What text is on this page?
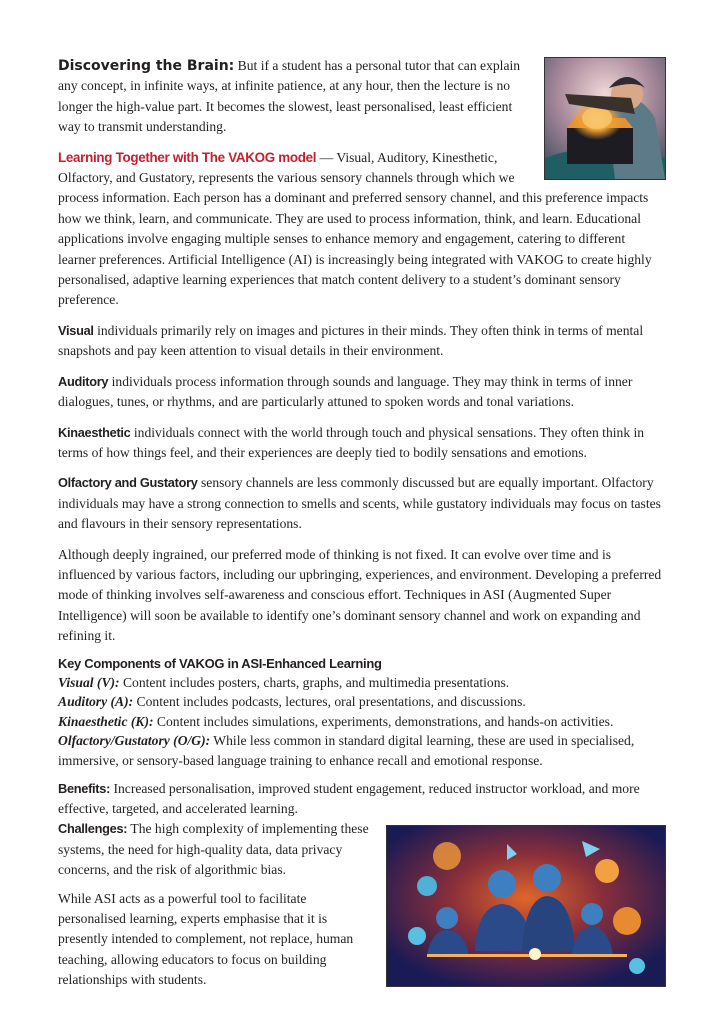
Discovering the Brain: But if a student has a personal tutor that can explain any concept, in infinite ways, at infinite patience, at any hour, then the lecture is no longer the high-value part. It becomes the slowest, least personalised, least efficient way to transmit understanding.

Learning Together with The VAKOG model — Visual, Auditory, Kinesthetic, Olfactory, and Gustatory, represents the various sensory channels through which we process information. Each person has a dominant and preferred sensory channel, and this preference impacts how we think, learn, and communicate. They are used to process information, think, and learn. Educational applications involve engaging multiple senses to enhance memory and engagement, catering to different learner preferences. Artificial Intelligence (AI) is increasingly being integrated with VAKOG to create highly personalised, adaptive learning experiences that match content delivery to a student’s dominant sensory preference.

Visual individuals primarily rely on images and pictures in their minds. They often think in terms of mental snapshots and pay keen attention to visual details in their environment.

Auditory individuals process information through sounds and language. They may think in terms of inner dialogues, tunes, or rhythms, and are particularly attuned to spoken words and tonal variations.

Kinaesthetic individuals connect with the world through touch and physical sensations. They often think in terms of how things feel, and their experiences are deeply tied to bodily sensations and emotions.

Olfactory and Gustatory sensory channels are less commonly discussed but are equally important. Olfactory individuals may have a strong connection to smells and scents, while gustatory individuals may focus on tastes and flavours in their sensory representations.

Although deeply ingrained, our preferred mode of thinking is not fixed. It can evolve over time and is influenced by various factors, including our upbringing, experiences, and environment. Developing a preferred mode of thinking involves self-awareness and conscious effort. Techniques in ASI (Augmented Super Intelligence) will soon be available to identify one’s dominant sensory channel and work on expanding and refining it.

Key Components of VAKOG in ASI-Enhanced Learning

Visual (V): Content includes posters, charts, graphs, and multimedia presentations.

Auditory (A): Content includes podcasts, lectures, oral presentations, and discussions.

Kinaesthetic (K): Content includes simulations, experiments, demonstrations, and hands-on activities.

Olfactory/Gustatory (O/G): While less common in standard digital learning, these are used in specialised, immersive, or sensory-based language training to enhance recall and emotional response.

Benefits: Increased personalisation, improved student engagement, reduced instructor workload, and more effective, targeted, and accelerated learning.

Challenges: The high complexity of implementing these systems, the need for high-quality data, data privacy concerns, and the risk of algorithmic bias.

While ASI acts as a powerful tool to facilitate personalised learning, experts emphasise that it is presently intended to complement, not replace, human teaching, allowing educators to focus on building relationships with students.
